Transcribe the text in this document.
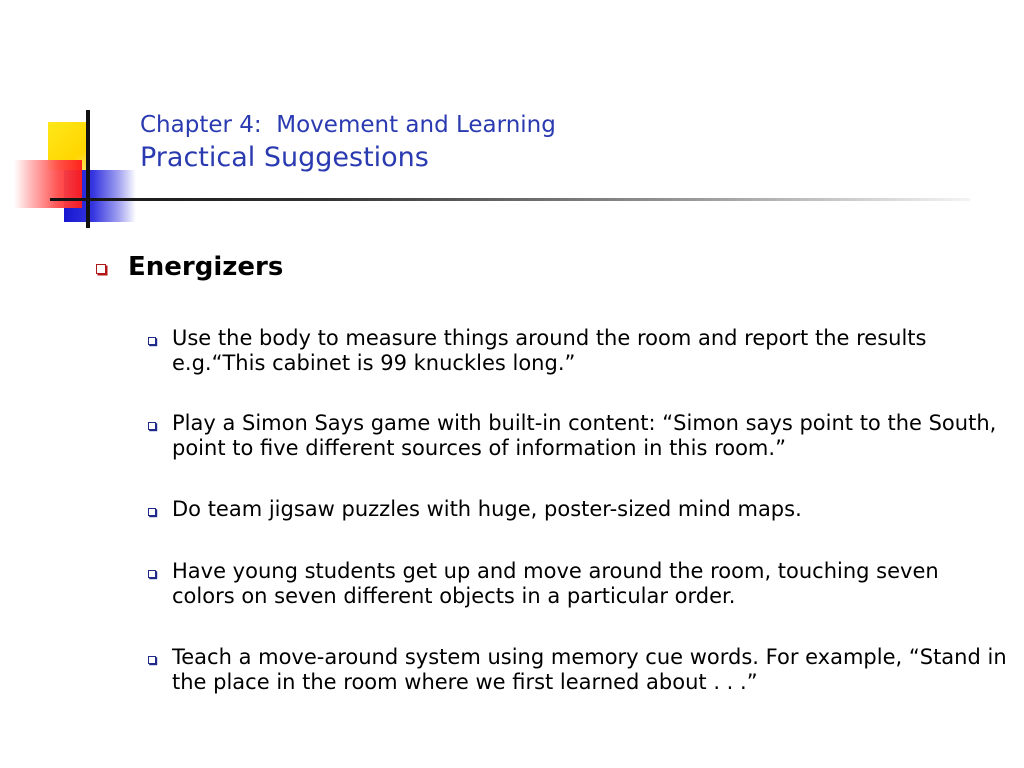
Chapter 4:  Movement and Learning
Practical Suggestions
Energizers
Use the body to measure things around the room and report the results e.g.“This cabinet is 99 knuckles long.”
Play a Simon Says game with built-in content: “Simon says point to the South, point to five different sources of information in this room.”
Do team jigsaw puzzles with huge, poster-sized mind maps.
Have young students get up and move around the room, touching seven colors on seven different objects in a particular order.
Teach a move-around system using memory cue words. For example, “Stand in the place in the room where we first learned about . . .”
